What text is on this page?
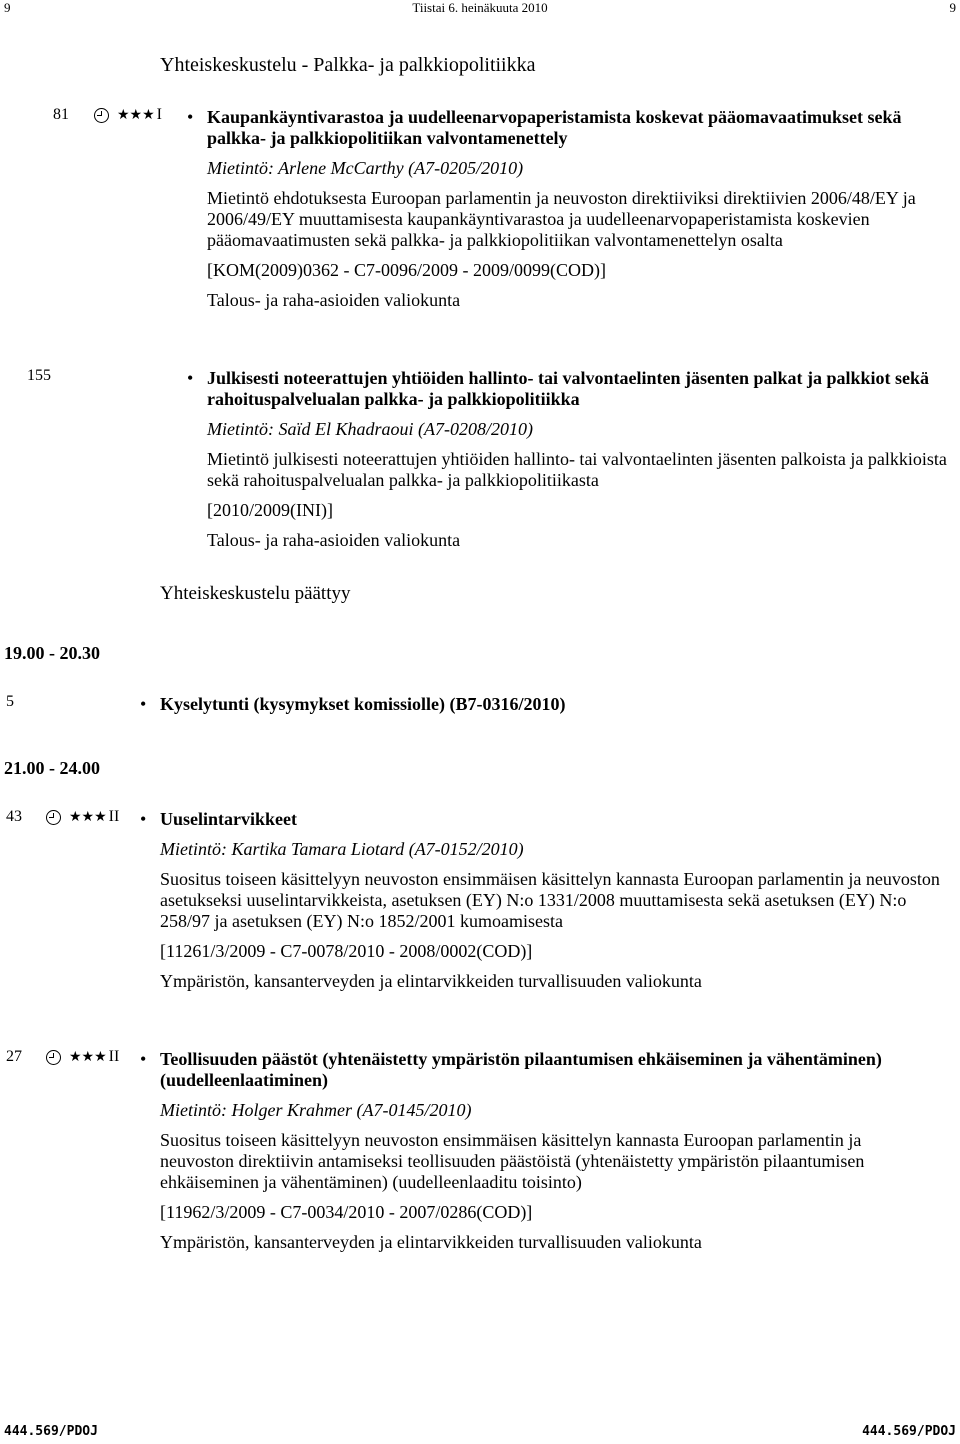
9	Tiistai 6. heinäkuuta 2010	9
Yhteiskeskustelu - Palkka- ja palkkiopolitiikka
81	★★★ I • Kaupankäyntivarastoa ja uudelleenarvopaperistamista koskevat pääomavaatimukset sekä palkka- ja palkkiopolitiikan valvontamenettely

Mietintö: Arlene McCarthy (A7-0205/2010)

Mietintö ehdotuksesta Euroopan parlamentin ja neuvoston direktiiviksi direktiivien 2006/48/EY ja 2006/49/EY muuttamisesta kaupankäyntivarastoa ja uudelleenarvopaperistamista koskevien pääomavaatimusten sekä palkka- ja palkkiopolitiikan valvontamenettelyn osalta

[KOM(2009)0362 - C7-0096/2009 - 2009/0099(COD)]

Talous- ja raha-asioiden valiokunta

155	• Julkisesti noteerattujen yhtiöiden hallinto- tai valvontaelinten jäsenten palkat ja palkkiot sekä rahoituspalvelualan palkka- ja palkkiopolitiikka

Mietintö: Saïd El Khadraoui (A7-0208/2010)

Mietintö julkisesti noteerattujen yhtiöiden hallinto- tai valvontaelinten jäsenten palkoista ja palkkioista sekä rahoituspalvelualan palkka- ja palkkiopolitiikasta

[2010/2009(INI)]

Talous- ja raha-asioiden valiokunta

Yhteiskeskustelu päättyy
19.00 - 20.30
5	• Kyselytunti (kysymykset komissiolle) (B7-0316/2010)
21.00 - 24.00
43	★★★ II • Uuselintarvikkeet

Mietintö: Kartika Tamara Liotard (A7-0152/2010)

Suositus toiseen käsittelyyn neuvoston ensimmäisen käsittelyn kannasta Euroopan parlamentin ja neuvoston asetukseksi uuselintarvikkeista, asetuksen (EY) N:o 1331/2008 muuttamisesta sekä asetuksen (EY) N:o 258/97 ja asetuksen (EY) N:o 1852/2001 kumoamisesta

[11261/3/2009 - C7-0078/2010 - 2008/0002(COD)]

Ympäristön, kansanterveyden ja elintarvikkeiden turvallisuuden valiokunta

27	★★★ II • Teollisuuden päästöt (yhtenäistetty ympäristön pilaantumisen ehkäiseminen ja vähentäminen) (uudelleenlaatiminen)

Mietintö: Holger Krahmer (A7-0145/2010)

Suositus toiseen käsittelyyn neuvoston ensimmäisen käsittelyn kannasta Euroopan parlamentin ja neuvoston direktiivin antamiseksi teollisuuden päästöistä (yhtenäistetty ympäristön pilaantumisen ehkäiseminen ja vähentäminen) (uudelleenlaaditu toisinto)

[11962/3/2009 - C7-0034/2010 - 2007/0286(COD)]

Ympäristön, kansanterveyden ja elintarvikkeiden turvallisuuden valiokunta

444.569/PDOJ	444.569/PDOJ
